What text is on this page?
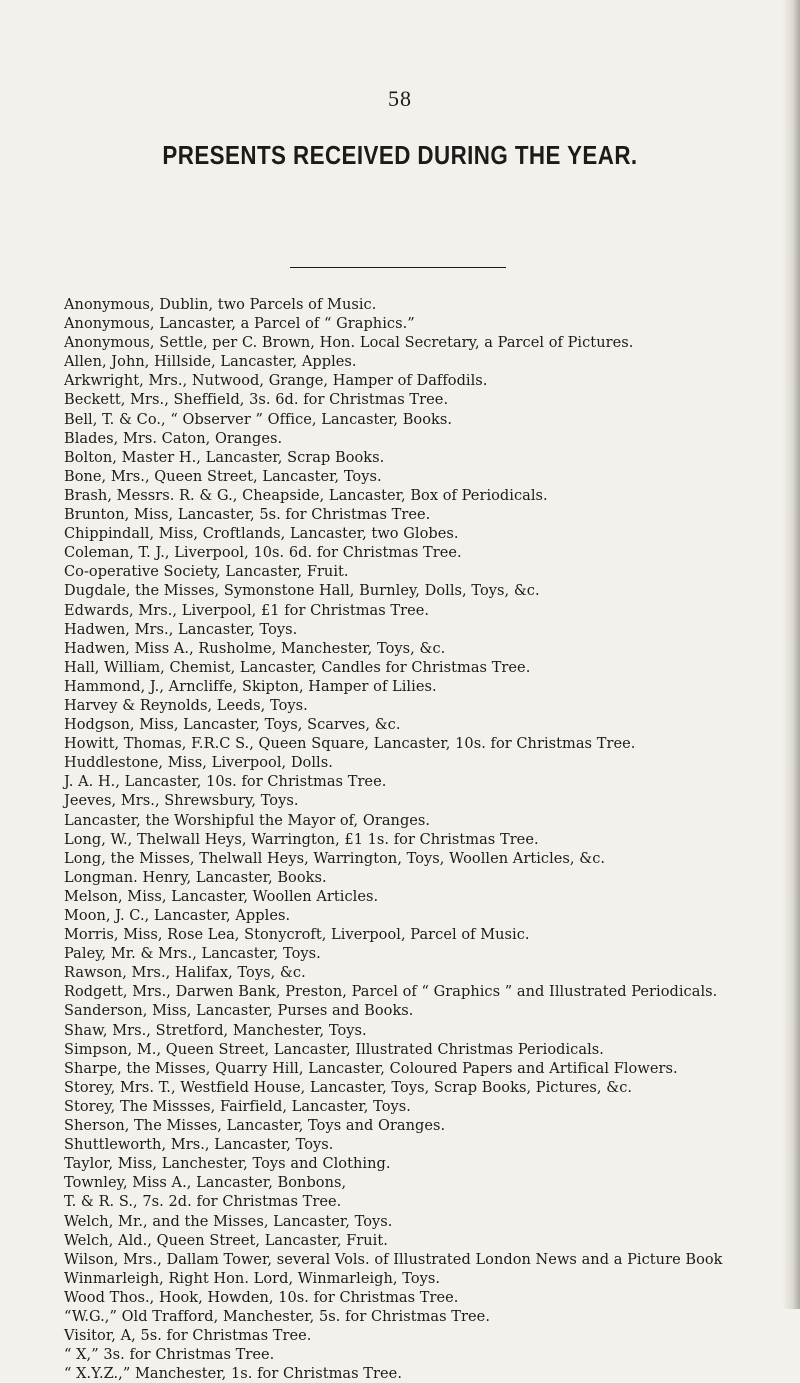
58
PRESENTS RECEIVED DURING THE YEAR.
Anonymous, Dublin, two Parcels of Music.
Anonymous, Lancaster, a Parcel of “ Graphics.”
Anonymous, Settle, per C. Brown, Hon. Local Secretary, a Parcel of Pictures.
Allen, John, Hillside, Lancaster, Apples.
Arkwright, Mrs., Nutwood, Grange, Hamper of Daffodils.
Beckett, Mrs., Sheffield, 3s. 6d. for Christmas Tree.
Bell, T. & Co., “ Observer ” Office, Lancaster, Books.
Blades, Mrs. Caton, Oranges.
Bolton, Master H., Lancaster, Scrap Books.
Bone, Mrs., Queen Street, Lancaster, Toys.
Brash, Messrs. R. & G., Cheapside, Lancaster, Box of Periodicals.
Brunton, Miss, Lancaster, 5s. for Christmas Tree.
Chippindall, Miss, Croftlands, Lancaster, two Globes.
Coleman, T. J., Liverpool, 10s. 6d. for Christmas Tree.
Co-operative Society, Lancaster, Fruit.
Dugdale, the Misses, Symonstone Hall, Burnley, Dolls, Toys, &c.
Edwards, Mrs., Liverpool, £1 for Christmas Tree.
Hadwen, Mrs., Lancaster, Toys.
Hadwen, Miss A., Rusholme, Manchester, Toys, &c.
Hall, William, Chemist, Lancaster, Candles for Christmas Tree.
Hammond, J., Arncliffe, Skipton, Hamper of Lilies.
Harvey & Reynolds, Leeds, Toys.
Hodgson, Miss, Lancaster, Toys, Scarves, &c.
Howitt, Thomas, F.R.C S., Queen Square, Lancaster, 10s. for Christmas Tree.
Huddlestone, Miss, Liverpool, Dolls.
J. A. H., Lancaster, 10s. for Christmas Tree.
Jeeves, Mrs., Shrewsbury, Toys.
Lancaster, the Worshipful the Mayor of, Oranges.
Long, W., Thelwall Heys, Warrington, £1 1s. for Christmas Tree.
Long, the Misses, Thelwall Heys, Warrington, Toys, Woollen Articles, &c.
Longman. Henry, Lancaster, Books.
Melson, Miss, Lancaster, Woollen Articles.
Moon, J. C., Lancaster, Apples.
Morris, Miss, Rose Lea, Stonycroft, Liverpool, Parcel of Music.
Paley, Mr. & Mrs., Lancaster, Toys.
Rawson, Mrs., Halifax, Toys, &c.
Rodgett, Mrs., Darwen Bank, Preston, Parcel of “ Graphics ” and Illustrated Periodicals.
Sanderson, Miss, Lancaster, Purses and Books.
Shaw, Mrs., Stretford, Manchester, Toys.
Simpson, M., Queen Street, Lancaster, Illustrated Christmas Periodicals.
Sharpe, the Misses, Quarry Hill, Lancaster, Coloured Papers and Artifical Flowers.
Storey, Mrs. T., Westfield House, Lancaster, Toys, Scrap Books, Pictures, &c.
Storey, The Missses, Fairfield, Lancaster, Toys.
Sherson, The Misses, Lancaster, Toys and Oranges.
Shuttleworth, Mrs., Lancaster, Toys.
Taylor, Miss, Lanchester, Toys and Clothing.
Townley, Miss A., Lancaster, Bonbons,
T. & R. S., 7s. 2d. for Christmas Tree.
Welch, Mr., and the Misses, Lancaster, Toys.
Welch, Ald., Queen Street, Lancaster, Fruit.
Wilson, Mrs., Dallam Tower, several Vols. of Illustrated London News and a Picture Book
Winmarleigh, Right Hon. Lord, Winmarleigh, Toys.
Wood Thos., Hook, Howden, 10s. for Christmas Tree.
“W.G.,” Old Trafford, Manchester, 5s. for Christmas Tree.
Visitor, A, 5s. for Christmas Tree.
“ X,” 3s. for Christmas Tree.
“ X.Y.Z.,” Manchester, 1s. for Christmas Tree.
